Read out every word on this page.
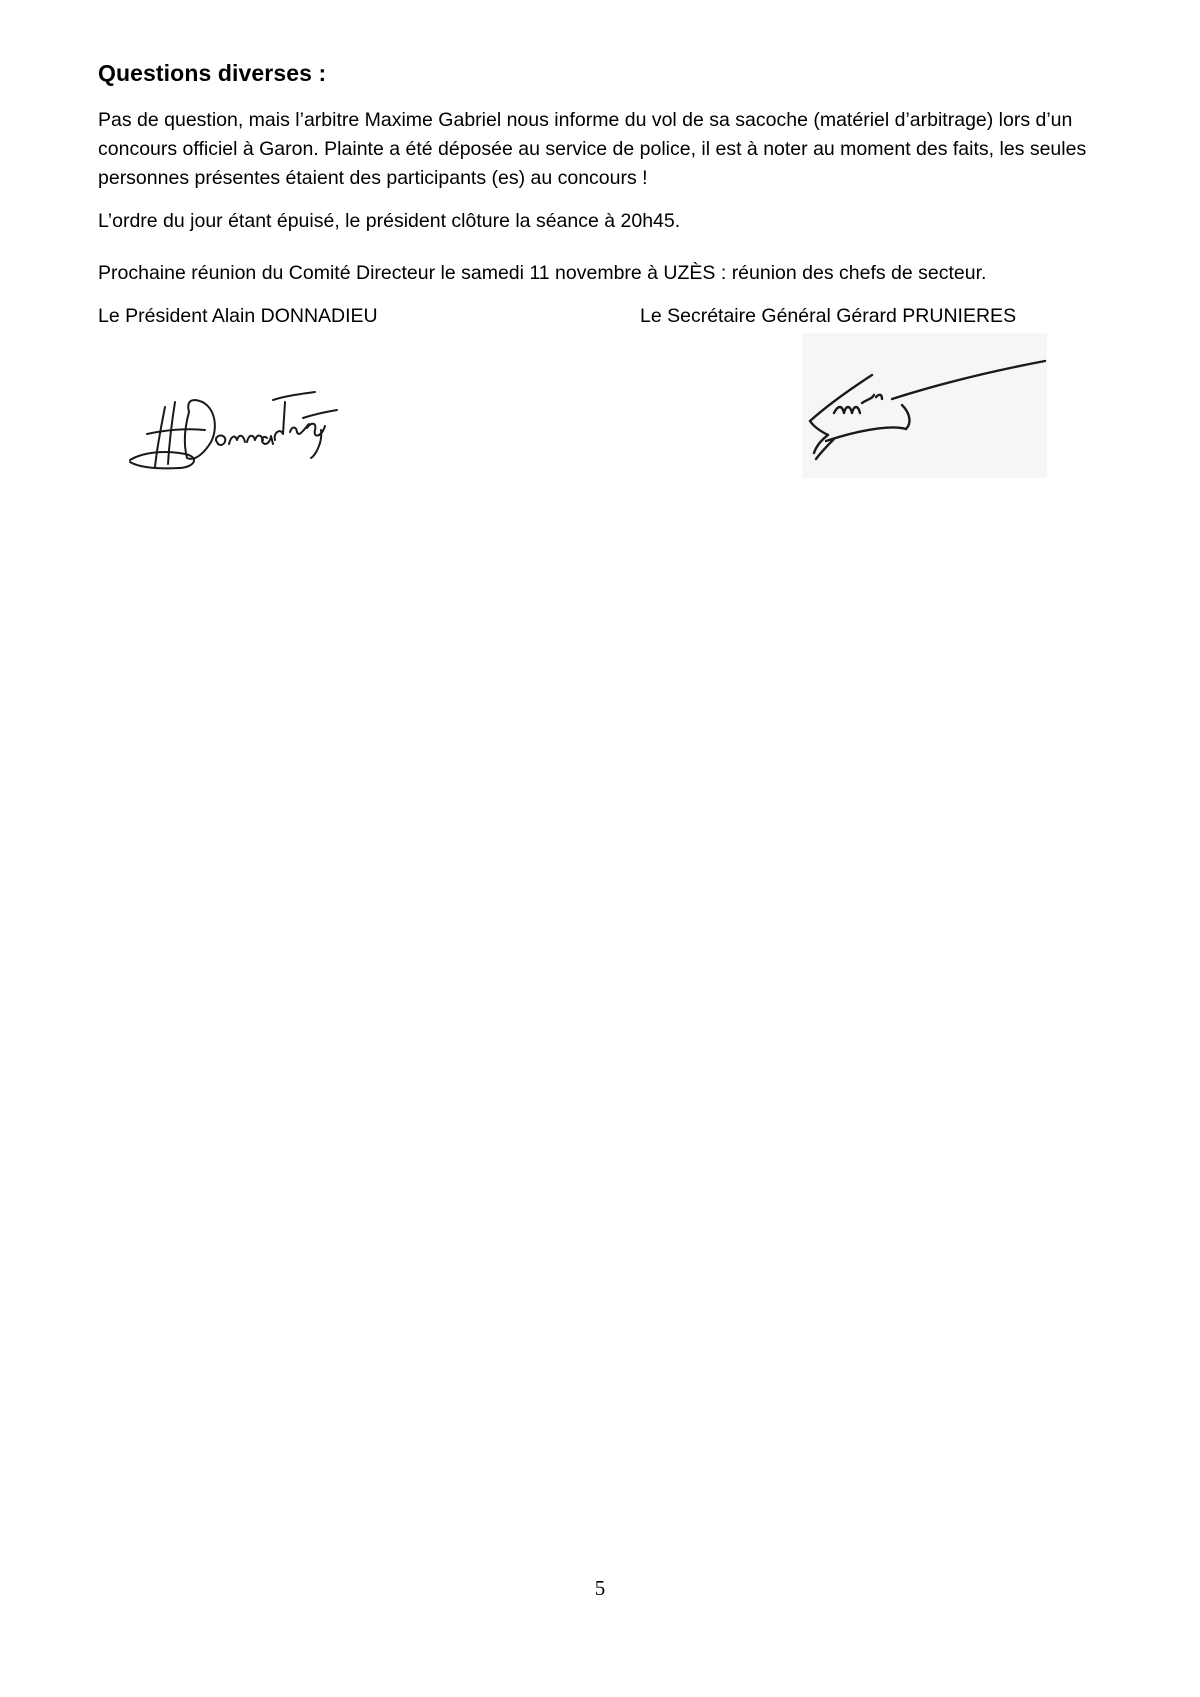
Questions diverses :

Pas de question, mais l’arbitre Maxime Gabriel nous informe du vol de sa sacoche (matériel d’arbitrage) lors d’un concours officiel à Garon. Plainte a été déposée au service de police, il est à noter au moment des faits, les seules personnes présentes étaient des participants (es) au concours !

L’ordre du jour étant épuisé, le président clôture la séance à 20h45.

Prochaine réunion du Comité Directeur le samedi 11 novembre à UZÈS : réunion des chefs de secteur.

Le Président Alain DONNADIEU	Le Secrétaire Général Gérard PRUNIERES

5
